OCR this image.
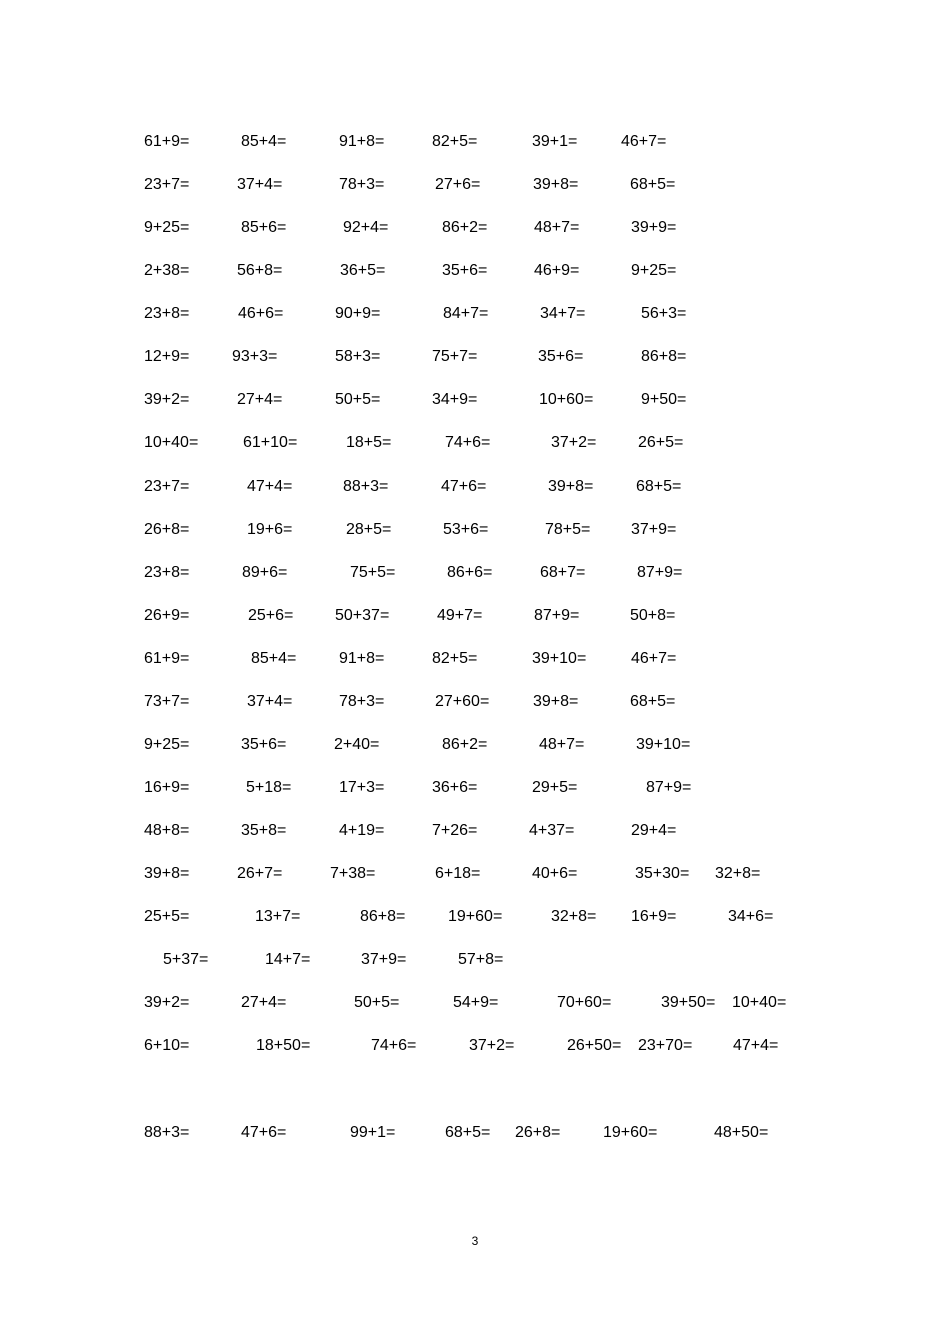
61+9=	85+4=	91+8=	82+5=	39+1=	46+7=
23+7=	37+4=	78+3=	27+6=	39+8=	68+5=
9+25=	85+6=	92+4=	86+2=	48+7=	39+9=
2+38=	56+8=	36+5=	35+6=	46+9=	9+25=
23+8=	46+6=	90+9=	84+7=	34+7=	56+3=
12+9=	93+3=	58+3=	75+7=	35+6=	86+8=
39+2=	27+4=	50+5=	34+9=	10+60=	9+50=
10+40=	61+10=	18+5=	74+6=	37+2=	26+5=
23+7=	47+4=	88+3=	47+6=	39+8=	68+5=
26+8=	19+6=	28+5=	53+6=	78+5=	37+9=
23+8=	89+6=	75+5=	86+6=	68+7=	87+9=
26+9=	25+6=	50+37=	49+7=	87+9=	50+8=
61+9=	85+4=	91+8=	82+5=	39+10=	46+7=
73+7=	37+4=	78+3=	27+60=	39+8=	68+5=
9+25=	35+6=	2+40=	86+2=	48+7=	39+10=
16+9=	5+18=	17+3=	36+6=	29+5=	87+9=
48+8=	35+8=	4+19=	7+26=	4+37=	29+4=
39+8=	26+7=	7+38=	6+18=	40+6=	35+30= 32+8=
25+5=	13+7=	86+8=	19+60=	32+8= 16+9=	34+6=
5+37=	14+7=	37+9=	57+8=
39+2=	27+4=	50+5=	54+9=	70+60=	39+50= 10+40=
6+10=	18+50=	74+6=	37+2=	26+50= 23+70=	47+4=
88+3=	47+6=	99+1=	68+5= 26+8=	19+60=	48+50=
3
